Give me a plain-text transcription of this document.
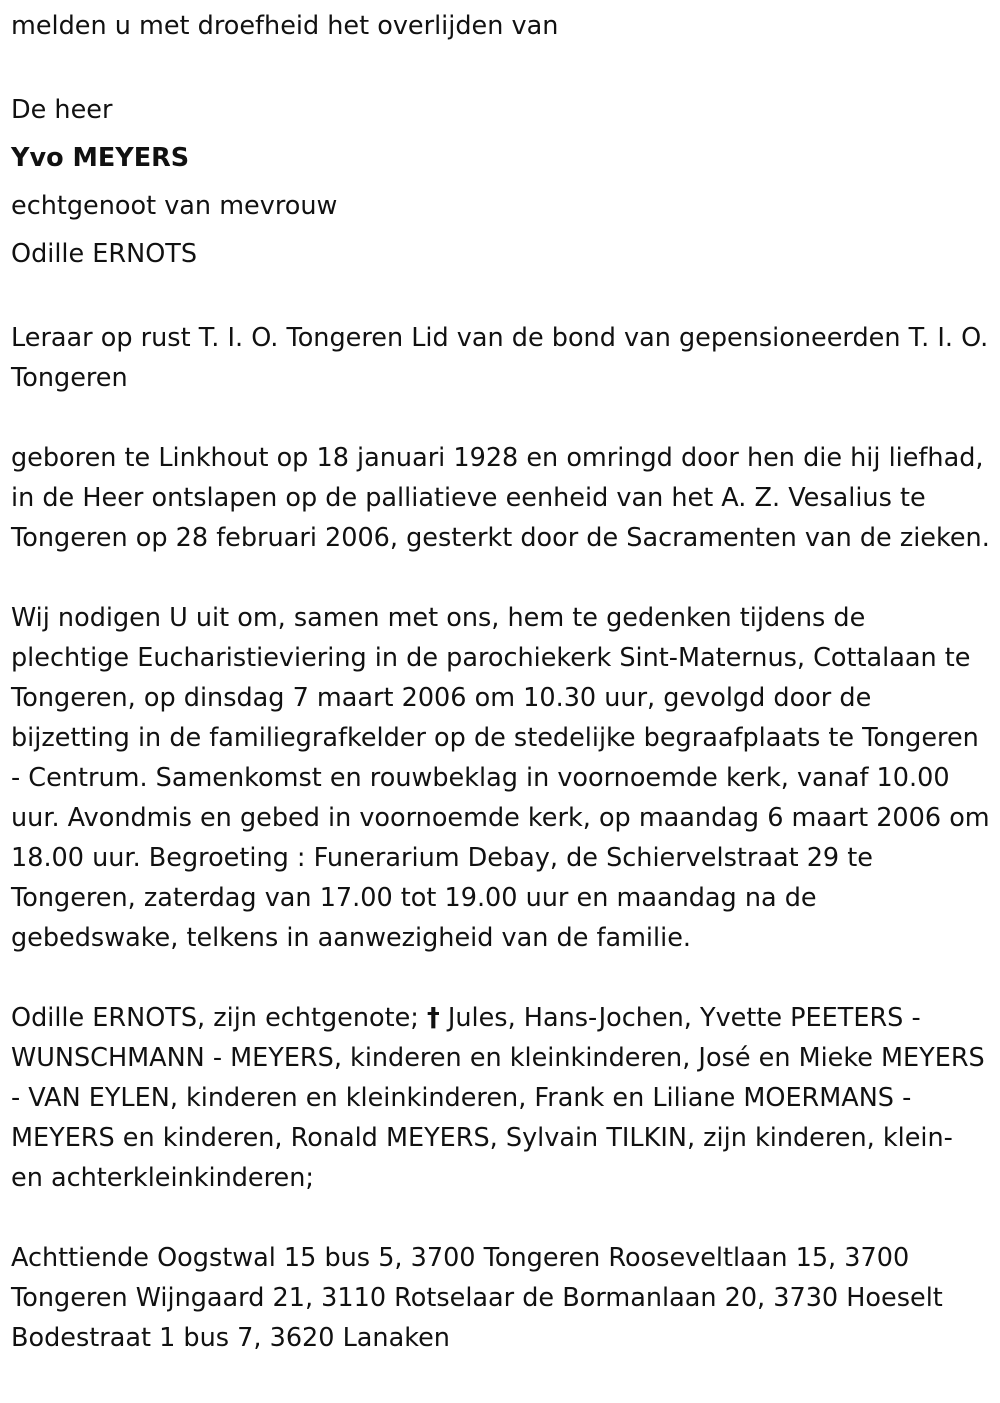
melden u met droefheid het overlijden van

De heer

Yvo MEYERS

echtgenoot van mevrouw

Odille ERNOTS

Leraar op rust T. I. O. Tongeren Lid van de bond van gepensioneerden T. I. O. Tongeren

geboren te Linkhout op 18 januari 1928 en omringd door hen die hij liefhad, in de Heer ontslapen op de palliatieve eenheid van het A. Z. Vesalius te Tongeren op 28 februari 2006, gesterkt door de Sacramenten van de zieken.

Wij nodigen U uit om, samen met ons, hem te gedenken tijdens de plechtige Eucharistieviering in de parochiekerk Sint-Maternus, Cottalaan te Tongeren, op dinsdag 7 maart 2006 om 10.30 uur, gevolgd door de bijzetting in de familiegrafkelder op de stedelijke begraafplaats te Tongeren - Centrum. Samenkomst en rouwbeklag in voornoemde kerk, vanaf 10.00 uur. Avondmis en gebed in voornoemde kerk, op maandag 6 maart 2006 om 18.00 uur. Begroeting : Funerarium Debay, de Schiervelstraat 29 te Tongeren, zaterdag van 17.00 tot 19.00 uur en maandag na de gebedswake, telkens in aanwezigheid van de familie.

Odille ERNOTS, zijn echtgenote; † Jules, Hans-Jochen, Yvette PEETERS - WUNSCHMANN - MEYERS, kinderen en kleinkinderen, José en Mieke MEYERS - VAN EYLEN, kinderen en kleinkinderen, Frank en Liliane MOERMANS - MEYERS en kinderen, Ronald MEYERS, Sylvain TILKIN, zijn kinderen, klein- en achterkleinkinderen;

Achttiende Oogstwal 15 bus 5, 3700 Tongeren Rooseveltlaan 15, 3700 Tongeren Wijngaard 21, 3110 Rotselaar de Bormanlaan 20, 3730 Hoeselt Bodestraat 1 bus 7, 3620 Lanaken
